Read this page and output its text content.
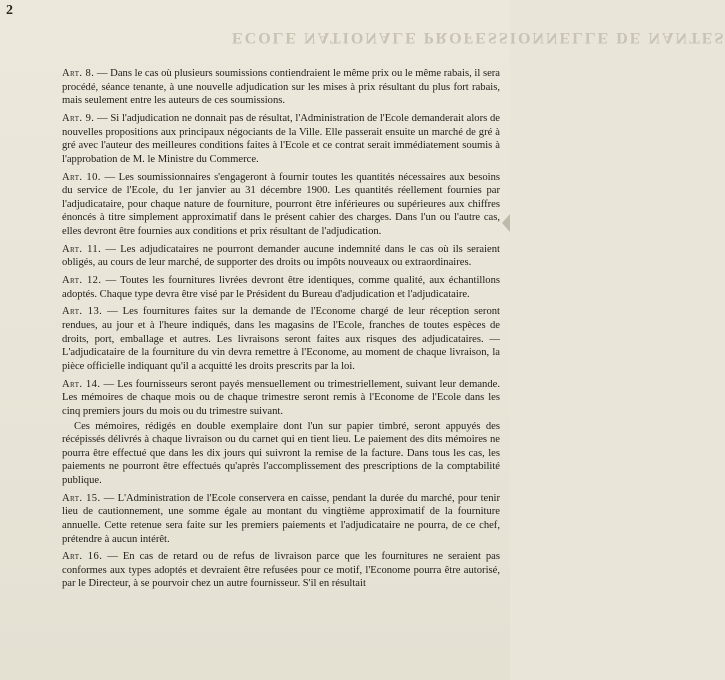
2
ECOLE NATIONALE PROFESSIONNELLE DE NANTES

Art. 8. — Dans le cas où plusieurs soumissions contiendraient le même prix ou le même rabais, il sera procédé, séance tenante, à une nouvelle adjudication sur les mises à prix résultant du plus fort rabais, mais seulement entre les auteurs de ces soumissions.

Art. 9. — Si l'adjudication ne donnait pas de résultat, l'Administration de l'Ecole demanderait alors de nouvelles propositions aux principaux négociants de la Ville. Elle passerait ensuite un marché de gré à gré avec l'auteur des meilleures conditions faites à l'Ecole et ce contrat serait immédiatement soumis à l'approbation de M. le Ministre du Commerce.

Art. 10. — Les soumissionnaires s'engageront à fournir toutes les quantités nécessaires aux besoins du service de l'Ecole, du 1er janvier au 31 décembre 1900. Les quantités réellement fournies par l'adjudicataire, pour chaque nature de fourniture, pourront être inférieures ou supérieures aux chiffres énoncés à titre simplement approximatif dans le présent cahier des charges. Dans l'un ou l'autre cas, elles devront être fournies aux conditions et prix résultant de l'adjudication.

Art. 11. — Les adjudicataires ne pourront demander aucune indemnité dans le cas où ils seraient obligés, au cours de leur marché, de supporter des droits ou impôts nouveaux ou extraordinaires.

Art. 12. — Toutes les fournitures livrées devront être identiques, comme qualité, aux échantillons adoptés. Chaque type devra être visé par le Président du Bureau d'adjudication et l'adjudicataire.

Art. 13. — Les fournitures faites sur la demande de l'Econome chargé de leur réception seront rendues, au jour et à l'heure indiqués, dans les magasins de l'Ecole, franches de toutes espèces de droits, port, emballage et autres. Les livraisons seront faites aux risques des adjudicataires. — L'adjudicataire de la fourniture du vin devra remettre à l'Econome, au moment de chaque livraison, la pièce officielle indiquant qu'il a acquitté les droits prescrits par la loi.

Art. 14. — Les fournisseurs seront payés mensuellement ou trimestriellement, suivant leur demande. Les mémoires de chaque mois ou de chaque trimestre seront remis à l'Econome de l'Ecole dans les cinq premiers jours du mois ou du trimestre suivant.

Ces mémoires, rédigés en double exemplaire dont l'un sur papier timbré, seront appuyés des récépissés délivrés à chaque livraison ou du carnet qui en tient lieu. Le paiement des dits mémoires ne pourra être effectué que dans les dix jours qui suivront la remise de la facture. Dans tous les cas, les paiements ne pourront être effectués qu'après l'accomplissement des prescriptions de la comptabilité publique.

Art. 15. — L'Administration de l'Ecole conservera en caisse, pendant la durée du marché, pour tenir lieu de cautionnement, une somme égale au montant du vingtième approximatif de la fourniture annuelle. Cette retenue sera faite sur les premiers paiements et l'adjudicataire ne pourra, de ce chef, prétendre à aucun intérêt.

Art. 16. — En cas de retard ou de refus de livraison parce que les fournitures ne seraient pas conformes aux types adoptés et devraient être refusées pour ce motif, l'Econome pourra être autorisé, par le Directeur, à se pourvoir chez un autre fournisseur. S'il en résultait
